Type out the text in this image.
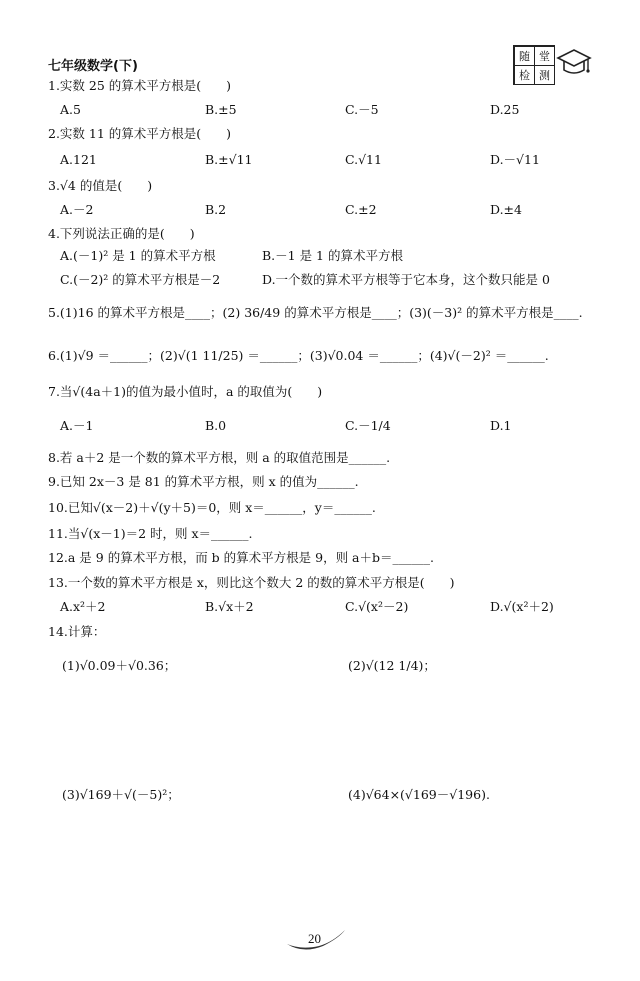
七年级数学(下)
随 堂
检 测
1.实数 25 的算术平方根是(　　)
A.5	B.±5	C.－5	D.25
2.实数 11 的算术平方根是(　　)
A.121	B.±√11	C.√11	D.－√11
3.√4 的值是(　　)
A.－2	B.2	C.±2	D.±4
4.下列说法正确的是(　　)
A.(－1)² 是 1 的算术平方根	B.－1 是 1 的算术平方根
C.(－2)² 的算术平方根是－2	D.一个数的算术平方根等于它本身，这个数只能是 0
5.(1)16 的算术平方根是____；(2) 36/49 的算术平方根是____；(3)(－3)² 的算术平方根是____.
6.(1)√9 ＝______；(2)√(1 11/25) ＝______；(3)√0.04 ＝______；(4)√(－2)² ＝______.
7.当√(4a＋1)的值为最小值时，a 的取值为(　　)
A.－1	B.0	C.－1/4	D.1
8.若 a＋2 是一个数的算术平方根，则 a 的取值范围是______.
9.已知 2x－3 是 81 的算术平方根，则 x 的值为______.
10.已知√(x－2)＋√(y＋5)＝0，则 x＝______，y＝______.
11.当√(x－1)＝2 时，则 x＝______.
12.a 是 9 的算术平方根，而 b 的算术平方根是 9，则 a＋b＝______.
13.一个数的算术平方根是 x，则比这个数大 2 的数的算术平方根是(　　)
A.x²＋2	B.√x＋2	C.√(x²－2)	D.√(x²＋2)
14.计算：
(1)√0.09＋√0.36；	(2)√(12 1/4)；
(3)√169＋√(－5)²；	(4)√64×(√169－√196).
20
